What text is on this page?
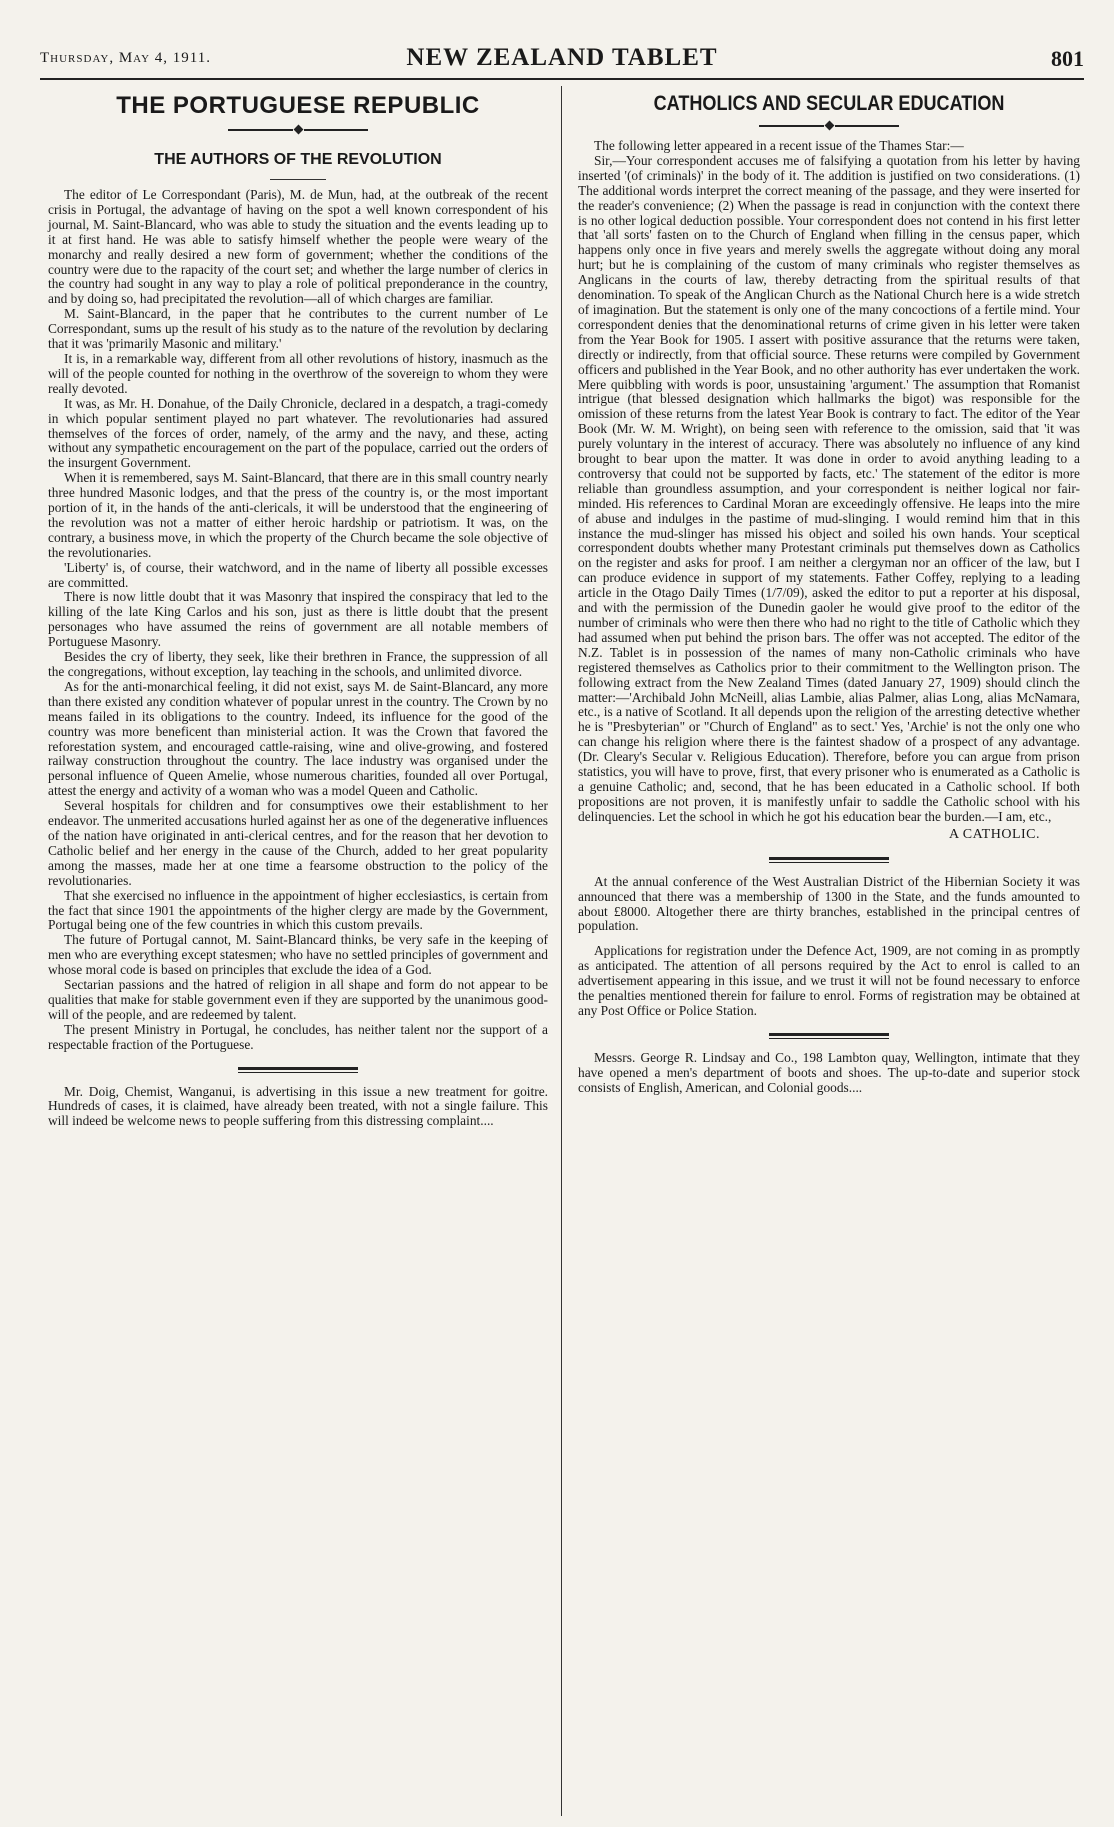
Thursday, May 4, 1911.	NEW ZEALAND TABLET	801
THE PORTUGUESE REPUBLIC
THE AUTHORS OF THE REVOLUTION

The editor of Le Correspondant (Paris), M. de Mun, had, at the outbreak of the recent crisis in Portugal, the advantage of having on the spot a well known correspondent of his journal, M. Saint-Blancard, who was able to study the situation and the events leading up to it at first hand. He was able to satisfy himself whether the people were weary of the monarchy and really desired a new form of government; whether the conditions of the country were due to the rapacity of the court set; and whether the large number of clerics in the country had sought in any way to play a role of political preponderance in the country, and by doing so, had precipitated the revolution—all of which charges are familiar.

M. Saint-Blancard, in the paper that he contributes to the current number of Le Correspondant, sums up the result of his study as to the nature of the revolution by declaring that it was 'primarily Masonic and military.'

It is, in a remarkable way, different from all other revolutions of history, inasmuch as the will of the people counted for nothing in the overthrow of the sovereign to whom they were really devoted.

It was, as Mr. H. Donahue, of the Daily Chronicle, declared in a despatch, a tragi-comedy in which popular sentiment played no part whatever. The revolutionaries had assured themselves of the forces of order, namely, of the army and the navy, and these, acting without any sympathetic encouragement on the part of the populace, carried out the orders of the insurgent Government.

When it is remembered, says M. Saint-Blancard, that there are in this small country nearly three hundred Masonic lodges, and that the press of the country is, or the most important portion of it, in the hands of the anti-clericals, it will be understood that the engineering of the revolution was not a matter of either heroic hardship or patriotism. It was, on the contrary, a business move, in which the property of the Church became the sole objective of the revolutionaries.

'Liberty' is, of course, their watchword, and in the name of liberty all possible excesses are committed.

There is now little doubt that it was Masonry that inspired the conspiracy that led to the killing of the late King Carlos and his son, just as there is little doubt that the present personages who have assumed the reins of government are all notable members of Portuguese Masonry.

Besides the cry of liberty, they seek, like their brethren in France, the suppression of all the congregations, without exception, lay teaching in the schools, and unlimited divorce.

As for the anti-monarchical feeling, it did not exist, says M. de Saint-Blancard, any more than there existed any condition whatever of popular unrest in the country. The Crown by no means failed in its obligations to the country. Indeed, its influence for the good of the country was more beneficent than ministerial action. It was the Crown that favored the reforestation system, and encouraged cattle-raising, wine and olive-growing, and fostered railway construction throughout the country. The lace industry was organised under the personal influence of Queen Amelie, whose numerous charities, founded all over Portugal, attest the energy and activity of a woman who was a model Queen and Catholic.

Several hospitals for children and for consumptives owe their establishment to her endeavor. The unmerited accusations hurled against her as one of the degenerative influences of the nation have originated in anti-clerical centres, and for the reason that her devotion to Catholic belief and her energy in the cause of the Church, added to her great popularity among the masses, made her at one time a fearsome obstruction to the policy of the revolutionaries.

That she exercised no influence in the appointment of higher ecclesiastics, is certain from the fact that since 1901 the appointments of the higher clergy are made by the Government, Portugal being one of the few countries in which this custom prevails.

The future of Portugal cannot, M. Saint-Blancard thinks, be very safe in the keeping of men who are everything except statesmen; who have no settled principles of government and whose moral code is based on principles that exclude the idea of a God.

Sectarian passions and the hatred of religion in all shape and form do not appear to be qualities that make for stable government even if they are supported by the unanimous good-will of the people, and are redeemed by talent.

The present Ministry in Portugal, he concludes, has neither talent nor the support of a respectable fraction of the Portuguese.

Mr. Doig, Chemist, Wanganui, is advertising in this issue a new treatment for goitre. Hundreds of cases, it is claimed, have already been treated, with not a single failure. This will indeed be welcome news to people suffering from this distressing complaint....

CATHOLICS AND SECULAR EDUCATION

The following letter appeared in a recent issue of the Thames Star:—

Sir,—Your correspondent accuses me of falsifying a quotation from his letter by having inserted '(of criminals)' in the body of it. The addition is justified on two considerations. (1) The additional words interpret the correct meaning of the passage, and they were inserted for the reader's convenience; (2) When the passage is read in conjunction with the context there is no other logical deduction possible. Your correspondent does not contend in his first letter that 'all sorts' fasten on to the Church of England when filling in the census paper, which happens only once in five years and merely swells the aggregate without doing any moral hurt; but he is complaining of the custom of many criminals who register themselves as Anglicans in the courts of law, thereby detracting from the spiritual results of that denomination. To speak of the Anglican Church as the National Church here is a wide stretch of imagination. But the statement is only one of the many concoctions of a fertile mind. Your correspondent denies that the denominational returns of crime given in his letter were taken from the Year Book for 1905. I assert with positive assurance that the returns were taken, directly or indirectly, from that official source. These returns were compiled by Government officers and published in the Year Book, and no other authority has ever undertaken the work. Mere quibbling with words is poor, unsustaining 'argument.' The assumption that Romanist intrigue (that blessed designation which hallmarks the bigot) was responsible for the omission of these returns from the latest Year Book is contrary to fact. The editor of the Year Book (Mr. W. M. Wright), on being seen with reference to the omission, said that 'it was purely voluntary in the interest of accuracy. There was absolutely no influence of any kind brought to bear upon the matter. It was done in order to avoid anything leading to a controversy that could not be supported by facts, etc.' The statement of the editor is more reliable than groundless assumption, and your correspondent is neither logical nor fair-minded. His references to Cardinal Moran are exceedingly offensive. He leaps into the mire of abuse and indulges in the pastime of mud-slinging. I would remind him that in this instance the mud-slinger has missed his object and soiled his own hands. Your sceptical correspondent doubts whether many Protestant criminals put themselves down as Catholics on the register and asks for proof. I am neither a clergyman nor an officer of the law, but I can produce evidence in support of my statements. Father Coffey, replying to a leading article in the Otago Daily Times (1/7/09), asked the editor to put a reporter at his disposal, and with the permission of the Dunedin gaoler he would give proof to the editor of the number of criminals who were then there who had no right to the title of Catholic which they had assumed when put behind the prison bars. The offer was not accepted. The editor of the N.Z. Tablet is in possession of the names of many non-Catholic criminals who have registered themselves as Catholics prior to their commitment to the Wellington prison. The following extract from the New Zealand Times (dated January 27, 1909) should clinch the matter:—'Archibald John McNeill, alias Lambie, alias Palmer, alias Long, alias McNamara, etc., is a native of Scotland. It all depends upon the religion of the arresting detective whether he is "Presbyterian" or "Church of England" as to sect.' Yes, 'Archie' is not the only one who can change his religion where there is the faintest shadow of a prospect of any advantage. (Dr. Cleary's Secular v. Religious Education). Therefore, before you can argue from prison statistics, you will have to prove, first, that every prisoner who is enumerated as a Catholic is a genuine Catholic; and, second, that he has been educated in a Catholic school. If both propositions are not proven, it is manifestly unfair to saddle the Catholic school with his delinquencies. Let the school in which he got his education bear the burden.—I am, etc.,

A CATHOLIC.

At the annual conference of the West Australian District of the Hibernian Society it was announced that there was a membership of 1300 in the State, and the funds amounted to about £8000. Altogether there are thirty branches, established in the principal centres of population.

Applications for registration under the Defence Act, 1909, are not coming in as promptly as anticipated. The attention of all persons required by the Act to enrol is called to an advertisement appearing in this issue, and we trust it will not be found necessary to enforce the penalties mentioned therein for failure to enrol. Forms of registration may be obtained at any Post Office or Police Station.

Messrs. George R. Lindsay and Co., 198 Lambton quay, Wellington, intimate that they have opened a men's department of boots and shoes. The up-to-date and superior stock consists of English, American, and Colonial goods....
